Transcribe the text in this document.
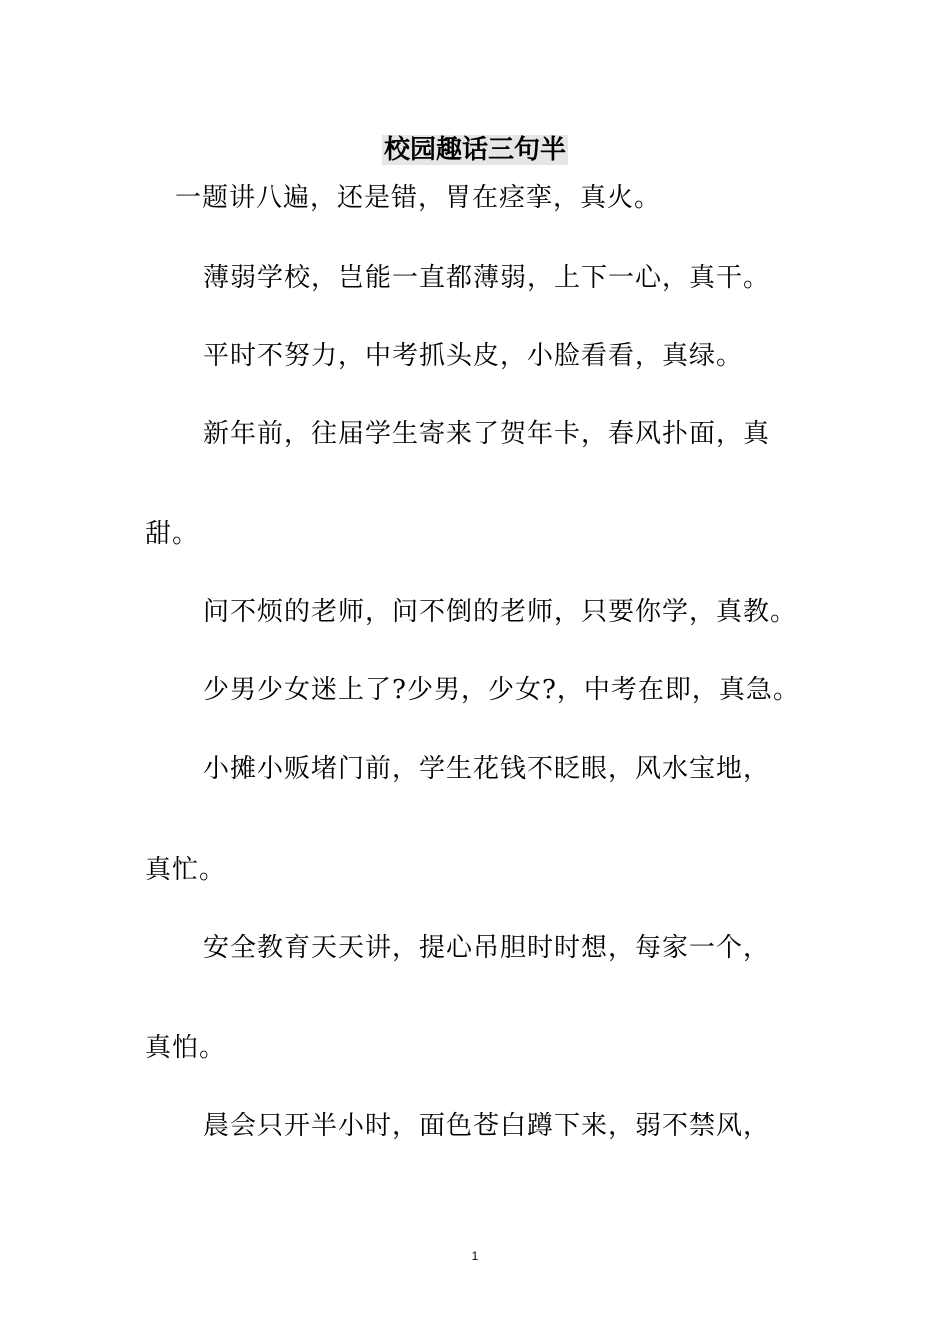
校园趣话三句半
一题讲八遍，还是错，胃在痉挛，真火。
薄弱学校，岂能一直都薄弱，上下一心，真干。
平时不努力，中考抓头皮，小脸看看，真绿。
新年前，往届学生寄来了贺年卡，春风扑面，真
甜。
问不烦的老师，问不倒的老师，只要你学，真教。
少男少女迷上了?少男，少女?，中考在即，真急。
小摊小贩堵门前，学生花钱不眨眼，风水宝地，
真忙。
安全教育天天讲，提心吊胆时时想，每家一个，
真怕。
晨会只开半小时，面色苍白蹲下来，弱不禁风，
1
